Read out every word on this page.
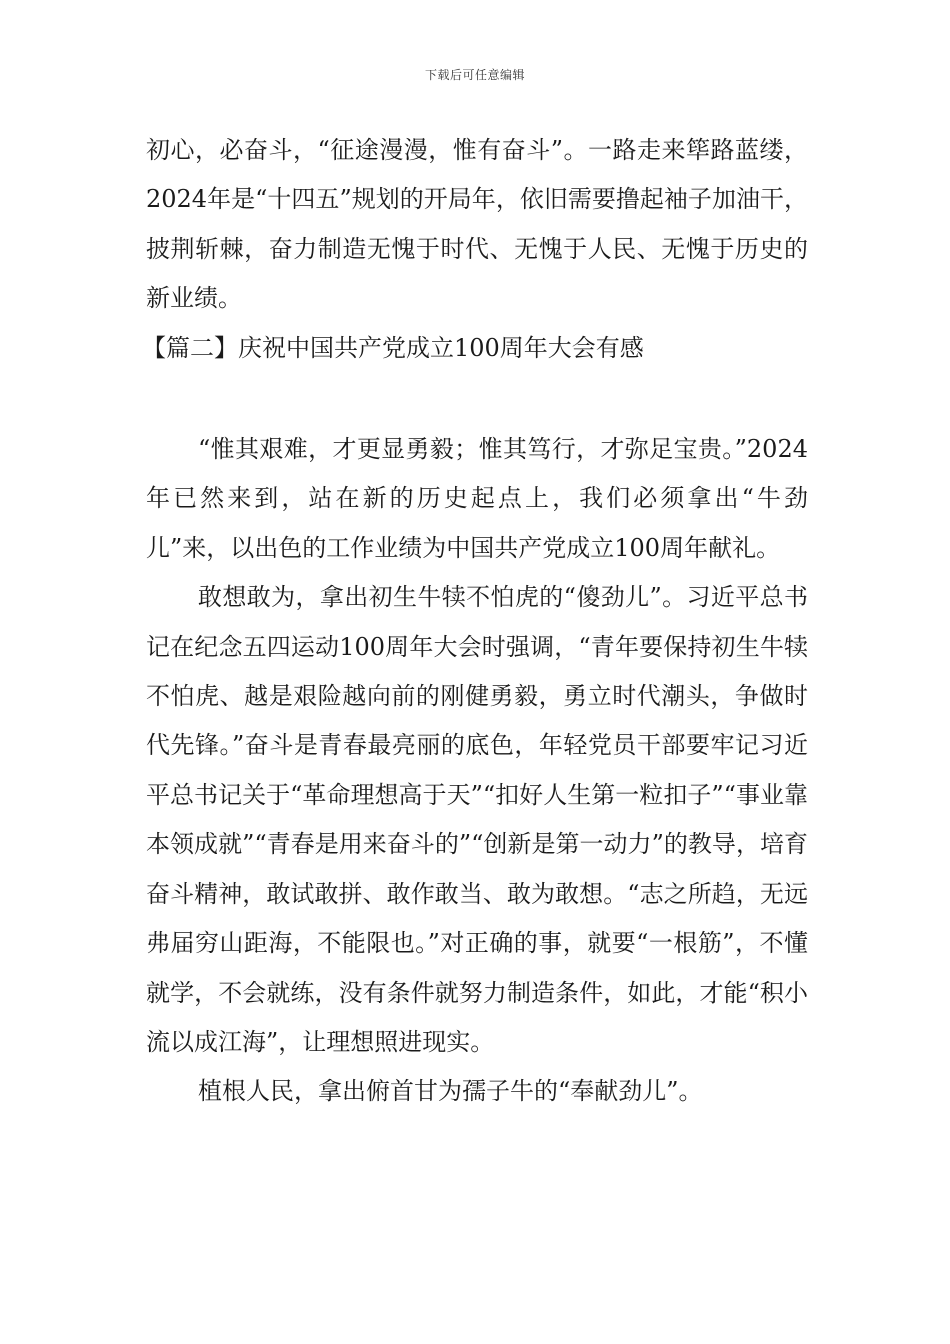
下载后可任意编辑

初心，必奋斗，“征途漫漫，惟有奋斗”。一路走来筚路蓝缕，2024年是“十四五”规划的开局年，依旧需要撸起袖子加油干，披荆斩棘，奋力制造无愧于时代、无愧于人民、无愧于历史的新业绩。

【篇二】庆祝中国共产党成立100周年大会有感

“惟其艰难，才更显勇毅；惟其笃行，才弥足宝贵。”2024年已然来到，站在新的历史起点上，我们必须拿出“牛劲儿”来，以出色的工作业绩为中国共产党成立100周年献礼。

敢想敢为，拿出初生牛犊不怕虎的“傻劲儿”。习近平总书记在纪念五四运动100周年大会时强调，“青年要保持初生牛犊不怕虎、越是艰险越向前的刚健勇毅，勇立时代潮头，争做时代先锋。”奋斗是青春最亮丽的底色，年轻党员干部要牢记习近平总书记关于“革命理想高于天”“扣好人生第一粒扣子”“事业靠本领成就”“青春是用来奋斗的”“创新是第一动力”的教导，培育奋斗精神，敢试敢拼、敢作敢当、敢为敢想。“志之所趋，无远弗届穷山距海，不能限也。”对正确的事，就要“一根筋”，不懂就学，不会就练，没有条件就努力制造条件，如此，才能“积小流以成江海”，让理想照进现实。

植根人民，拿出俯首甘为孺子牛的“奉献劲儿”。
